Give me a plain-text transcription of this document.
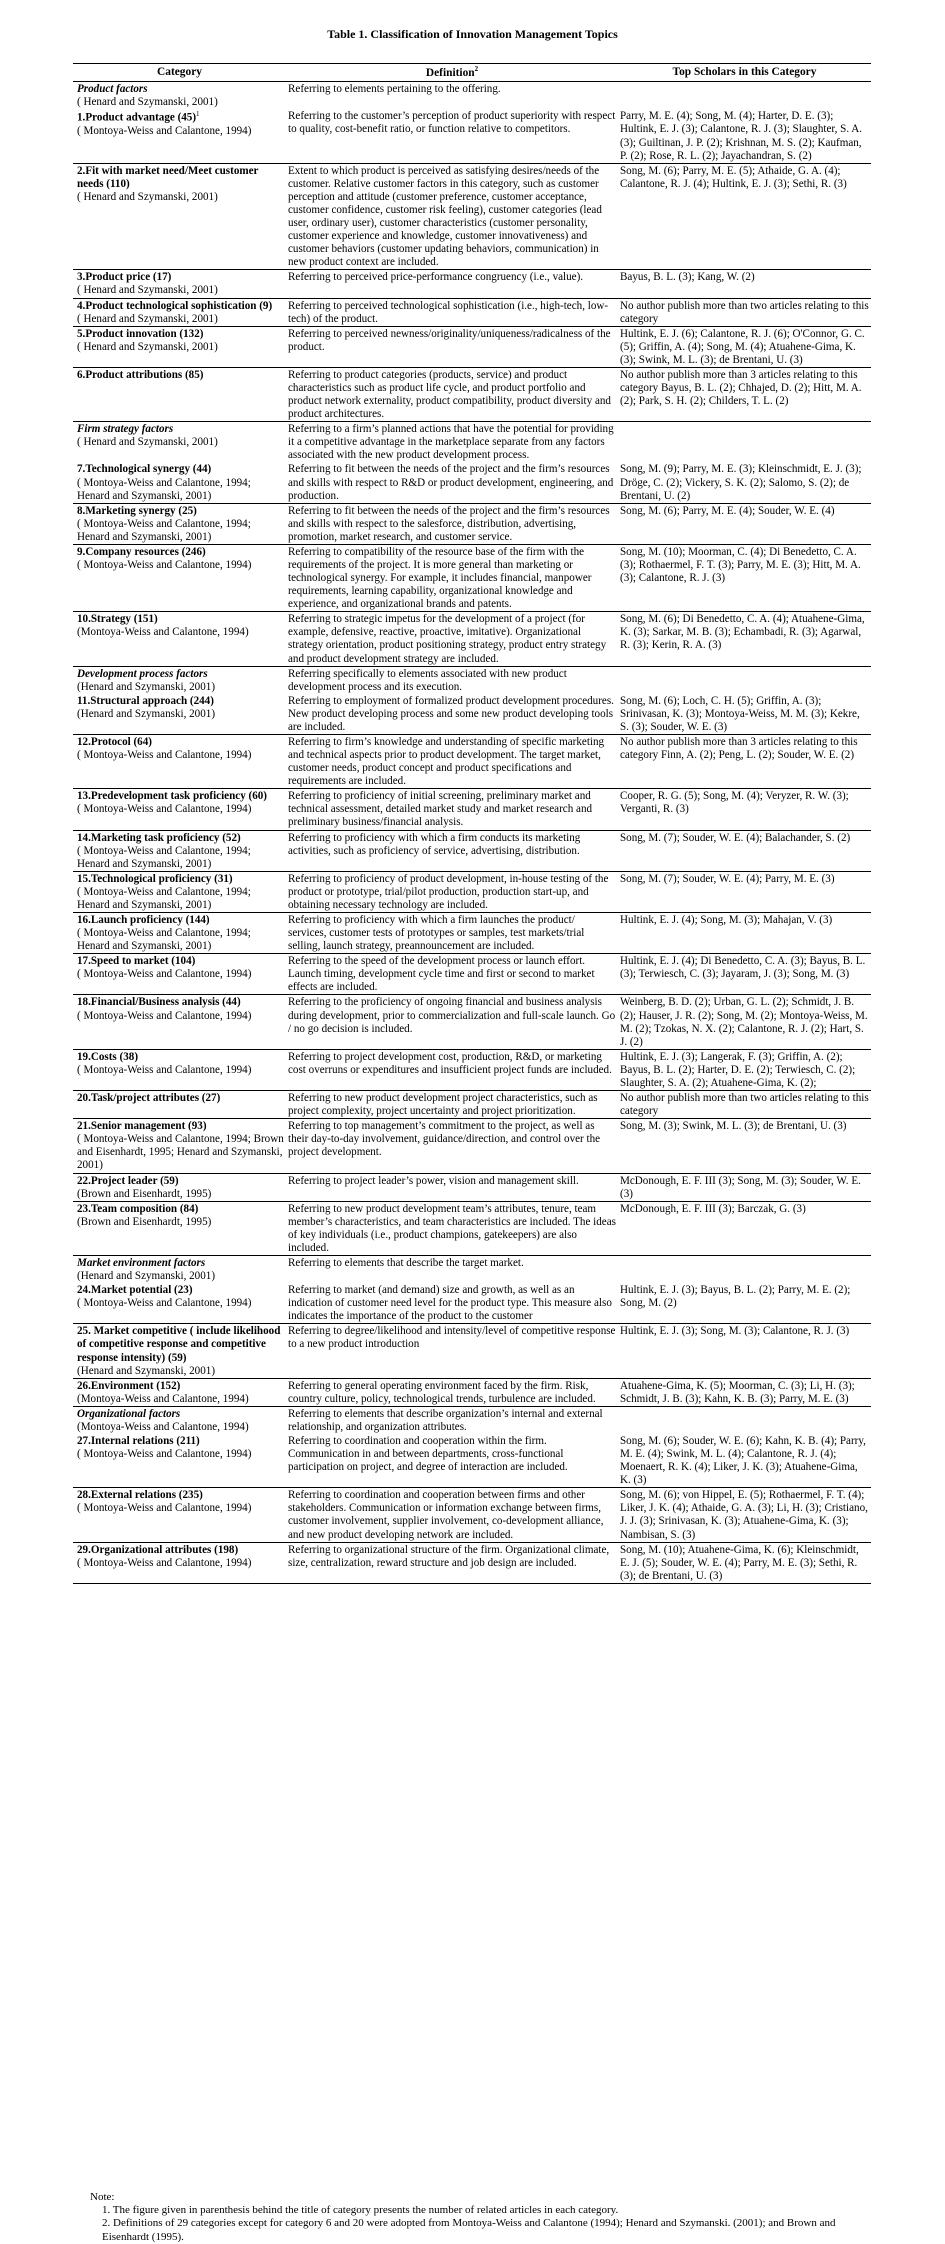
Table 1. Classification of Innovation Management Topics
Category	Definition$^2$	Top Scholars in this Category
Product factors
( Henard and Szymanski, 2001)	Referring to elements pertaining to the offering.	
1.Product advantage $(45)^1$
( Montoya-Weiss and Calantone, 1994)	Referring to the customer’s perception of product superiority with respect to quality, cost-benefit ratio, or function relative to competitors.	Parry, M. E. (4); Song, M. (4); Harter, D. E. (3); Hultink, E. J. (3); Calantone, R. J. (3); Slaughter, S. A. (3); Guiltinan, J. P. (2); Krishnan, M. S. (2); Kaufman, P. (2); Rose, R. L. (2); Jayachandran, S. (2)
2.Fit with market need/Meet customer needs (110)
( Henard and Szymanski, 2001)	Extent to which product is perceived as satisfying desires/needs of the customer. Relative customer factors in this category, such as customer perception and attitude (customer preference, customer acceptance, customer confidence, customer risk feeling), customer categories (lead user, ordinary user), customer characteristics (customer personality, customer experience and knowledge, customer innovativeness) and customer behaviors (customer updating behaviors, communication) in new product context are included.	Song, M. (6); Parry, M. E. (5); Athaide, G. A. (4); Calantone, R. J. (4); Hultink, E. J. (3); Sethi, R. (3)
3.Product price (17)
( Henard and Szymanski, 2001)	Referring to perceived price-performance congruency (i.e., value).	Bayus, B. L. (3); Kang, W. (2)
4.Product technological sophistication (9)
( Henard and Szymanski, 2001)	Referring to perceived technological sophistication (i.e., high-tech, low-tech) of the product.	No author publish more than two articles relating to this category
5.Product innovation (132)
( Henard and Szymanski, 2001)	Referring to perceived newness/originality/uniqueness/radicalness of the product.	Hultink, E. J. (6); Calantone, R. J. (6); O'Connor, G. C. (5); Griffin, A. (4); Song, M. (4); Atuahene-Gima, K. (3); Swink, M. L. (3); de Brentani, U. (3)
6.Product attributions (85)	Referring to product categories (products, service) and product characteristics such as product life cycle, and product portfolio and product network externality, product compatibility, product diversity and product architectures.	No author publish more than 3 articles relating to this category Bayus, B. L. (2); Chhajed, D. (2); Hitt, M. A. (2); Park, S. H. (2); Childers, T. L. (2)
Firm strategy factors
( Henard and Szymanski, 2001)	Referring to a firm’s planned actions that have the potential for providing it a competitive advantage in the marketplace separate from any factors associated with the new product development process.	
7.Technological synergy (44)
( Montoya-Weiss and Calantone, 1994; Henard and Szymanski, 2001)	Referring to fit between the needs of the project and the firm’s resources and skills with respect to R&D or product development, engineering, and production.	Song, M. (9); Parry, M. E. (3); Kleinschmidt, E. J. (3); Dröge, C. (2); Vickery, S. K. (2); Salomo, S. (2); de Brentani, U. (2)
8.Marketing synergy (25)
( Montoya-Weiss and Calantone, 1994; Henard and Szymanski, 2001)	Referring to fit between the needs of the project and the firm’s resources and skills with respect to the salesforce, distribution, advertising, promotion, market research, and customer service.	Song, M. (6); Parry, M. E. (4); Souder, W. E. (4)
9.Company resources (246)
( Montoya-Weiss and Calantone, 1994)	Referring to compatibility of the resource base of the firm with the requirements of the project. It is more general than marketing or technological synergy. For example, it includes financial, manpower requirements, learning capability, organizational knowledge and experience, and organizational brands and patents.	Song, M. (10); Moorman, C. (4); Di Benedetto, C. A. (3); Rothaermel, F. T. (3); Parry, M. E. (3); Hitt, M. A. (3); Calantone, R. J. (3)
10.Strategy (151)
(Montoya-Weiss and Calantone, 1994)	Referring to strategic impetus for the development of a project (for example, defensive, reactive, proactive, imitative). Organizational strategy orientation, product positioning strategy, product entry strategy and product development strategy are included.	Song, M. (6); Di Benedetto, C. A. (4); Atuahene-Gima, K. (3); Sarkar, M. B. (3); Echambadi, R. (3); Agarwal, R. (3); Kerin, R. A. (3)
Development process factors
(Henard and Szymanski, 2001)	Referring specifically to elements associated with new product development process and its execution.	
11.Structural approach (244)
(Henard and Szymanski, 2001)	Referring to employment of formalized product development procedures. New product developing process and some new product developing tools are included.	Song, M. (6); Loch, C. H. (5); Griffin, A. (3); Srinivasan, K. (3); Montoya-Weiss, M. M. (3); Kekre, S. (3); Souder, W. E. (3)
12.Protocol (64)
( Montoya-Weiss and Calantone, 1994)	Referring to firm’s knowledge and understanding of specific marketing and technical aspects prior to product development. The target market, customer needs, product concept and product specifications and requirements are included.	No author publish more than 3 articles relating to this category Finn, A. (2); Peng, L. (2); Souder, W. E. (2)
13.Predevelopment task proficiency (60)
( Montoya-Weiss and Calantone, 1994)	Referring to proficiency of initial screening, preliminary market and technical assessment, detailed market study and market research and preliminary business/financial analysis.	Cooper, R. G. (5); Song, M. (4); Veryzer, R. W. (3); Verganti, R. (3)
14.Marketing task proficiency (52)
( Montoya-Weiss and Calantone, 1994; Henard and Szymanski, 2001)	Referring to proficiency with which a firm conducts its marketing activities, such as proficiency of service, advertising, distribution.	Song, M. (7); Souder, W. E. (4); Balachander, S. (2)
15.Technological proficiency (31)
( Montoya-Weiss and Calantone, 1994; Henard and Szymanski, 2001)	Referring to proficiency of product development, in-house testing of the product or prototype, trial/pilot production, production start-up, and obtaining necessary technology are included.	Song, M. (7); Souder, W. E. (4); Parry, M. E. (3)
16.Launch proficiency (144)
( Montoya-Weiss and Calantone, 1994; Henard and Szymanski, 2001)	Referring to proficiency with which a firm launches the product/ services, customer tests of prototypes or samples, test markets/trial selling, launch strategy, preannouncement are included.	Hultink, E. J. (4); Song, M. (3); Mahajan, V. (3)
17.Speed to market (104)
( Montoya-Weiss and Calantone, 1994)	Referring to the speed of the development process or launch effort. Launch timing, development cycle time and first or second to market effects are included.	Hultink, E. J. (4); Di Benedetto, C. A. (3); Bayus, B. L. (3); Terwiesch, C. (3); Jayaram, J. (3); Song, M. (3)
18.Financial/Business analysis (44)
( Montoya-Weiss and Calantone, 1994)	Referring to the proficiency of ongoing financial and business analysis during development, prior to commercialization and full-scale launch. Go / no go decision is included.	Weinberg, B. D. (2); Urban, G. L. (2); Schmidt, J. B. (2); Hauser, J. R. (2); Song, M. (2); Montoya-Weiss, M. M. (2); Tzokas, N. X. (2); Calantone, R. J. (2); Hart, S. J. (2)
19.Costs (38)
( Montoya-Weiss and Calantone, 1994)	Referring to project development cost, production, R&D, or marketing cost overruns or expenditures and insufficient project funds are included.	Hultink, E. J. (3); Langerak, F. (3); Griffin, A. (2); Bayus, B. L. (2); Harter, D. E. (2); Terwiesch, C. (2); Slaughter, S. A. (2); Atuahene-Gima, K. (2);
20.Task/project attributes (27)	Referring to new product development project characteristics, such as project complexity, project uncertainty and project prioritization.	No author publish more than two articles relating to this category
21.Senior management (93)
( Montoya-Weiss and Calantone, 1994; Brown and Eisenhardt, 1995; Henard and Szymanski, 2001)	Referring to top management’s commitment to the project, as well as their day-to-day involvement, guidance/direction, and control over the project development.	Song, M. (3); Swink, M. L. (3); de Brentani, U. (3)
22.Project leader (59)
(Brown and Eisenhardt, 1995)	Referring to project leader’s power, vision and management skill.	McDonough, E. F. III (3); Song, M. (3); Souder, W. E. (3)
23.Team composition (84)
(Brown and Eisenhardt, 1995)	Referring to new product development team’s attributes, tenure, team member’s characteristics, and team characteristics are included. The ideas of key individuals (i.e., product champions, gatekeepers) are also included.	McDonough, E. F. III (3); Barczak, G. (3)
Market environment factors
(Henard and Szymanski, 2001)	Referring to elements that describe the target market.	
24.Market potential (23)
( Montoya-Weiss and Calantone, 1994)	Referring to market (and demand) size and growth, as well as an indication of customer need level for the product type. This measure also indicates the importance of the product to the customer	Hultink, E. J. (3); Bayus, B. L. (2); Parry, M. E. (2); Song, M. (2)
25. Market competitive ( include likelihood of competitive response and competitive response intensity) (59)
(Henard and Szymanski, 2001)	Referring to degree/likelihood and intensity/level of competitive response to a new product introduction	Hultink, E. J. (3); Song, M. (3); Calantone, R. J. (3)
26.Environment (152)
(Montoya-Weiss and Calantone, 1994)	Referring to general operating environment faced by the firm. Risk, country culture, policy, technological trends, turbulence are included.	Atuahene-Gima, K. (5); Moorman, C. (3); Li, H. (3); Schmidt, J. B. (3); Kahn, K. B. (3); Parry, M. E. (3)
Organizational factors
(Montoya-Weiss and Calantone, 1994)	Referring to elements that describe organization’s internal and external relationship, and organization attributes.	
27.Internal relations (211)
( Montoya-Weiss and Calantone, 1994)	Referring to coordination and cooperation within the firm. Communication in and between departments, cross-functional participation on project, and degree of interaction are included.	Song, M. (6); Souder, W. E. (6); Kahn, K. B. (4); Parry, M. E. (4); Swink, M. L. (4); Calantone, R. J. (4); Moenaert, R. K. (4); Liker, J. K. (3); Atuahene-Gima, K. (3)
28.External relations (235)
( Montoya-Weiss and Calantone, 1994)	Referring to coordination and cooperation between firms and other stakeholders. Communication or information exchange between firms, customer involvement, supplier involvement, co-development alliance, and new product developing network are included.	Song, M. (6); von Hippel, E. (5); Rothaermel, F. T. (4); Liker, J. K. (4); Athaide, G. A. (3); Li, H. (3); Cristiano, J. J. (3); Srinivasan, K. (3); Atuahene-Gima, K. (3); Nambisan, S. (3)
29.Organizational attributes (198)
( Montoya-Weiss and Calantone, 1994)	Referring to organizational structure of the firm. Organizational climate, size, centralization, reward structure and job design are included.	Song, M. (10); Atuahene-Gima, K. (6); Kleinschmidt, E. J. (5); Souder, W. E. (4); Parry, M. E. (3); Sethi, R. (3); de Brentani, U. (3)

Note:

1. The figure given in parenthesis behind the title of category presents the number of related articles in each category.

2. Definitions of 29 categories except for category 6 and 20 were adopted from Montoya-Weiss and Calantone (1994); Henard and Szymanski. (2001); and Brown and Eisenhardt (1995).
